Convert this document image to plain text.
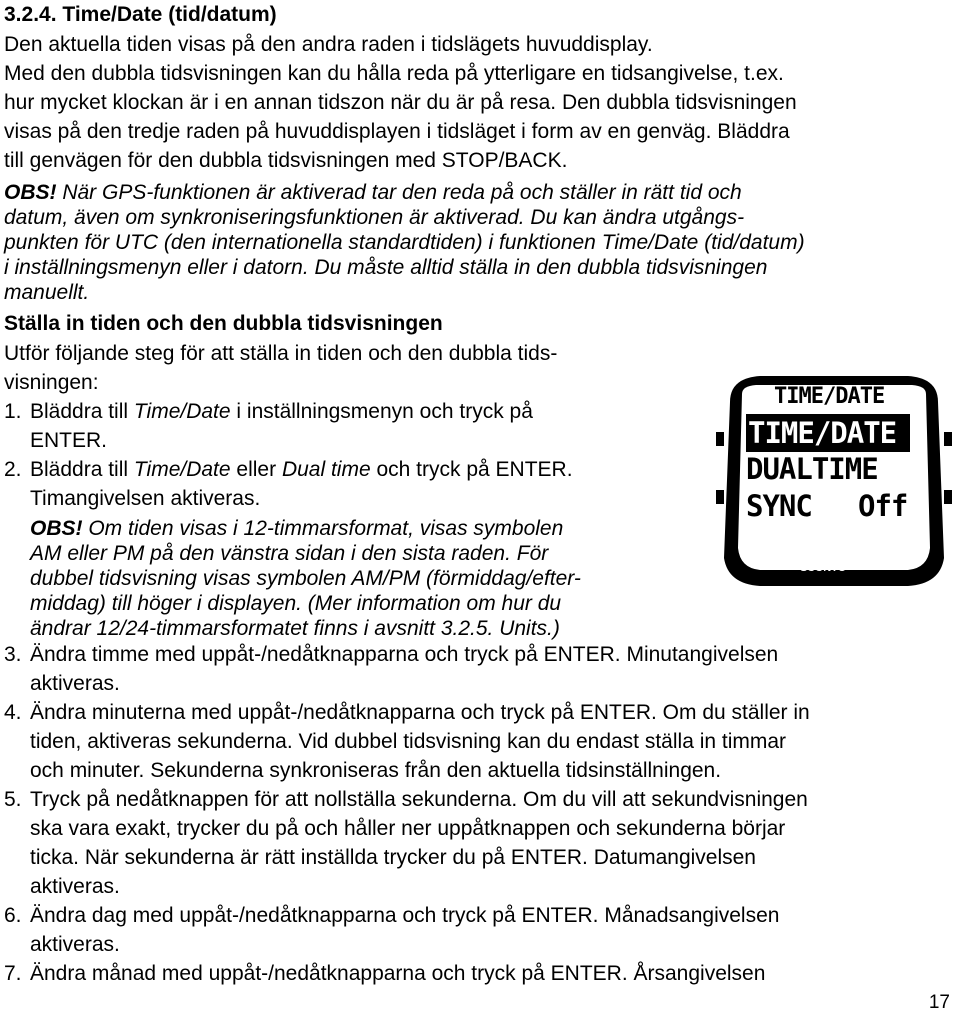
3.2.4. Time/Date (tid/datum)
Den aktuella tiden visas på den andra raden i tidslägets huvuddisplay.
Med den dubbla tidsvisningen kan du hålla reda på ytterligare en tidsangivelse, t.ex.
hur mycket klockan är i en annan tidszon när du är på resa. Den dubbla tidsvisningen
visas på den tredje raden på huvuddisplayen i tidsläget i form av en genväg. Bläddra
till genvägen för den dubbla tidsvisningen med STOP/BACK.
OBS! När GPS-funktionen är aktiverad tar den reda på och ställer in rätt tid och
datum, även om synkroniseringsfunktionen är aktiverad. Du kan ändra utgångs-
punkten för UTC (den internationella standardtiden) i funktionen Time/Date (tid/datum)
i inställningsmenyn eller i datorn. Du måste alltid ställa in den dubbla tidsvisningen
manuellt.
Ställa in tiden och den dubbla tidsvisningen
Utför följande steg för att ställa in tiden och den dubbla tids-
visningen:
1. Bläddra till Time/Date i inställningsmenyn och tryck på
ENTER.
2. Bläddra till Time/Date eller Dual time och tryck på ENTER.
Timangivelsen aktiveras.
OBS! Om tiden visas i 12-timmarsformat, visas symbolen
AM eller PM på den vänstra sidan i den sista raden. För
dubbel tidsvisning visas symbolen AM/PM (förmiddag/efter-
middag) till höger i displayen. (Mer information om hur du
ändrar 12/24-timmarsformatet finns i avsnitt 3.2.5. Units.)
3. Ändra timme med uppåt-/nedåtknapparna och tryck på ENTER. Minutangivelsen
aktiveras.
4. Ändra minuterna med uppåt-/nedåtknapparna och tryck på ENTER. Om du ställer in
tiden, aktiveras sekunderna. Vid dubbel tidsvisning kan du endast ställa in timmar
och minuter. Sekunderna synkroniseras från den aktuella tidsinställningen.
5. Tryck på nedåtknappen för att nollställa sekunderna. Om du vill att sekundvisningen
ska vara exakt, trycker du på och håller ner uppåtknappen och sekunderna börjar
ticka. När sekunderna är rätt inställda trycker du på ENTER. Datumangivelsen
aktiveras.
6. Ändra dag med uppåt-/nedåtknapparna och tryck på ENTER. Månadsangivelsen
aktiveras.
7. Ändra månad med uppåt-/nedåtknapparna och tryck på ENTER. Årsangivelsen
TIME/DATE
TIME/DATE
DUALTIME
SYNC Off
SUUNTO
17
